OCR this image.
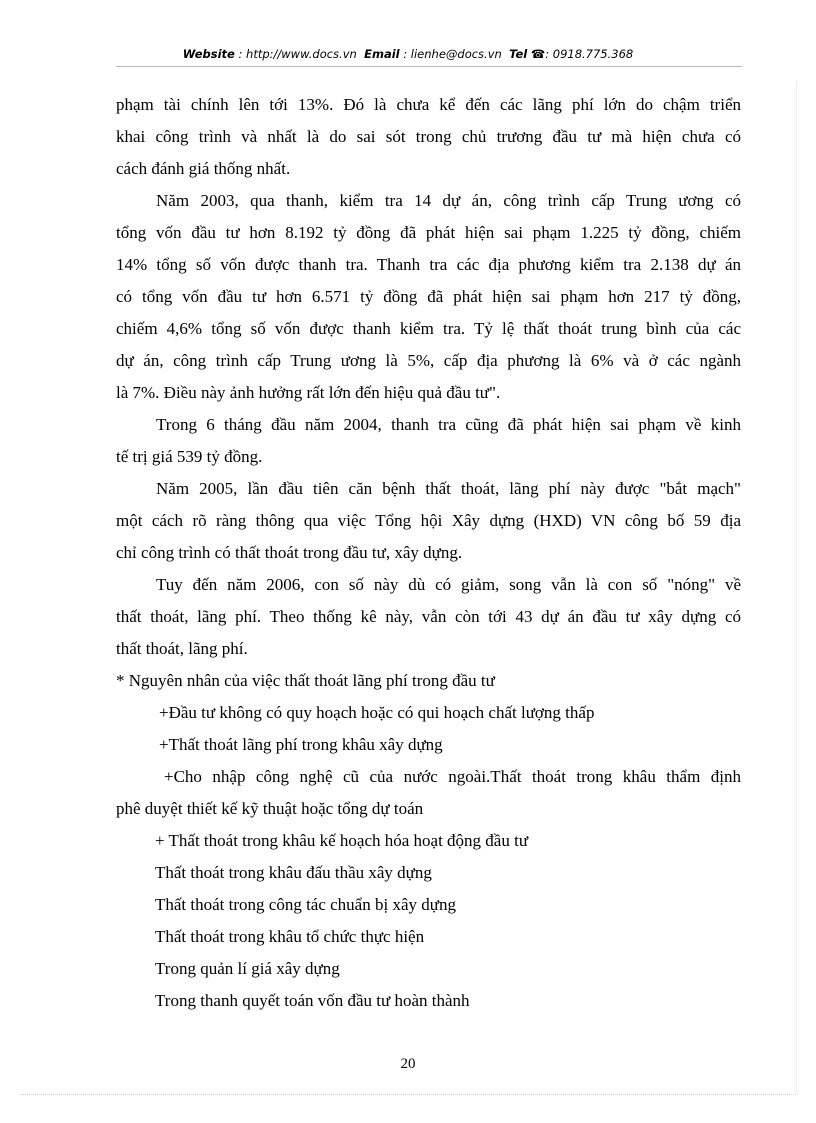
Website : http://www.docs.vn Email : lienhe@docs.vn Tel ☎: 0918.775.368
phạm tài chính lên tới 13%. Đó là chưa kể đến các lãng phí lớn do chậm triển
khai công trình và nhất là do sai sót trong chủ trương đầu tư mà hiện chưa có
cách đánh giá thống nhất.
Năm 2003, qua thanh, kiểm tra 14 dự án, công trình cấp Trung ương có
tổng vốn đầu tư hơn 8.192 tỷ đồng đã phát hiện sai phạm 1.225 tỷ đồng, chiếm
14% tổng số vốn được thanh tra. Thanh tra các địa phương kiểm tra 2.138 dự án
có tổng vốn đầu tư hơn 6.571 tỷ đồng đã phát hiện sai phạm hơn 217 tỷ đồng,
chiếm 4,6% tổng số vốn được thanh kiểm tra. Tỷ lệ thất thoát trung bình của các
dự án, công trình cấp Trung ương là 5%, cấp địa phương là 6% và ở các ngành
là 7%. Điều này ảnh hưởng rất lớn đến hiệu quả đầu tư".
Trong 6 tháng đầu năm 2004, thanh tra cũng đã phát hiện sai phạm về kinh
tế trị giá 539 tỷ đồng.
Năm 2005, lần đầu tiên căn bệnh thất thoát, lãng phí này được "bắt mạch"
một cách rõ ràng thông qua việc Tổng hội Xây dựng (HXD) VN công bố 59 địa
chỉ công trình có thất thoát trong đầu tư, xây dựng.
Tuy đến năm 2006, con số này dù có giảm, song vẫn là con số "nóng" về
thất thoát, lãng phí. Theo thống kê này, vẫn còn tới 43 dự án đầu tư xây dựng có
thất thoát, lãng phí.
* Nguyên nhân của việc thất thoát lãng phí trong đầu tư
+Đầu tư không có quy hoạch hoặc có qui hoạch chất lượng thấp
+Thất thoát lãng phí trong khâu xây dựng
+Cho nhập công nghệ cũ của nước ngoài.Thất thoát trong khâu thẩm định
phê duyệt thiết kế kỹ thuật hoặc tổng dự toán
+ Thất thoát trong khâu kế hoạch hóa hoạt động đầu tư
Thất thoát trong khâu đấu thầu xây dựng
Thất thoát trong công tác chuẩn bị xây dựng
Thất thoát trong khâu tổ chức thực hiện
Trong quản lí giá xây dựng
Trong thanh quyết toán vốn đầu tư hoàn thành
20
